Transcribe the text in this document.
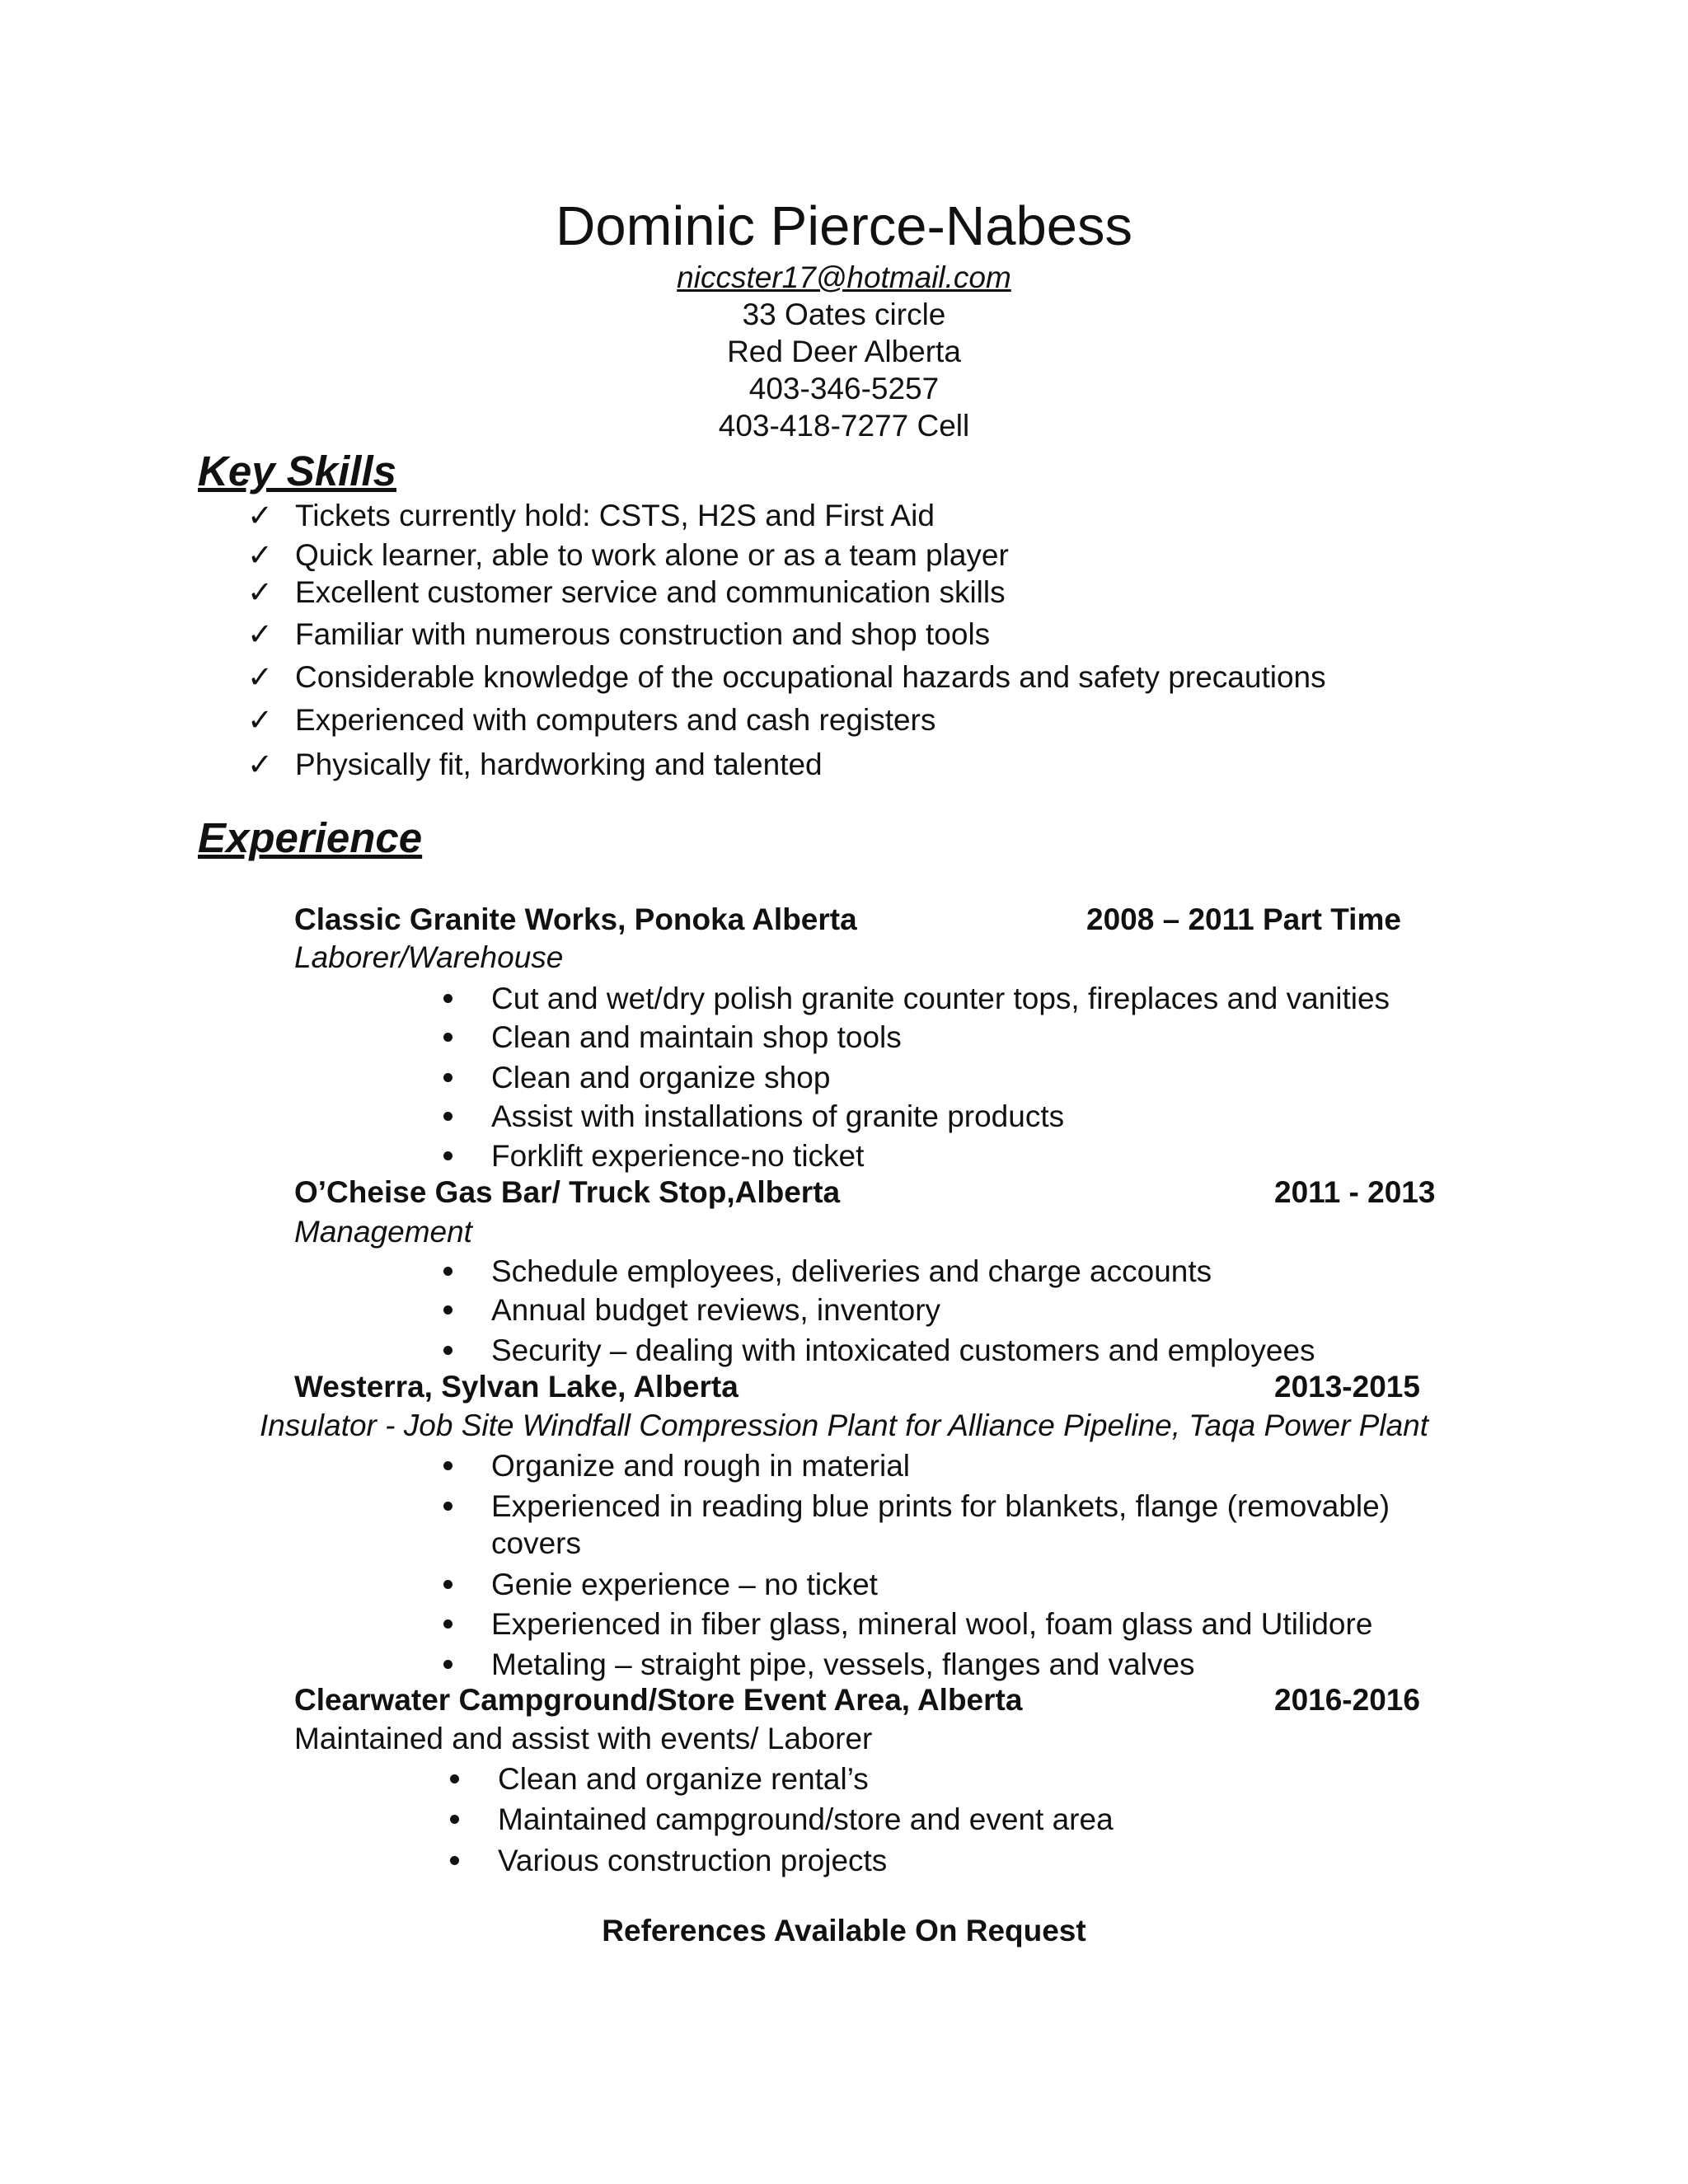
Dominic Pierce-Nabess
niccster17@hotmail.com
33 Oates circle
Red Deer Alberta
403-346-5257
403-418-7277 Cell
Key Skills
✓ Tickets currently hold: CSTS, H2S and First Aid
✓ Quick learner, able to work alone or as a team player
✓ Excellent customer service and communication skills
✓ Familiar with numerous construction and shop tools
✓ Considerable knowledge of the occupational hazards and safety precautions
✓ Experienced with computers and cash registers
✓ Physically fit, hardworking and talented
Experience
Classic Granite Works, Ponoka Alberta	2008 – 2011 Part Time
Laborer/Warehouse
Cut and wet/dry polish granite counter tops, fireplaces and vanities
Clean and maintain shop tools
Clean and organize shop
Assist with installations of granite products
Forklift experience-no ticket
O’Cheise Gas Bar/ Truck Stop,Alberta	2011 - 2013
Management
Schedule employees, deliveries and charge accounts
Annual budget reviews, inventory
Security – dealing with intoxicated customers and employees
Westerra, Sylvan Lake, Alberta	2013-2015
Insulator - Job Site Windfall Compression Plant for Alliance Pipeline, Taqa Power Plant
Organize and rough in material
Experienced in reading blue prints for blankets, flange (removable)
covers
Genie experience – no ticket
Experienced in fiber glass, mineral wool, foam glass and Utilidore
Metaling – straight pipe, vessels, flanges and valves
Clearwater Campground/Store Event Area, Alberta	2016-2016
Maintained and assist with events/ Laborer
Clean and organize rental’s
Maintained campground/store and event area
Various construction projects
References Available On Request
